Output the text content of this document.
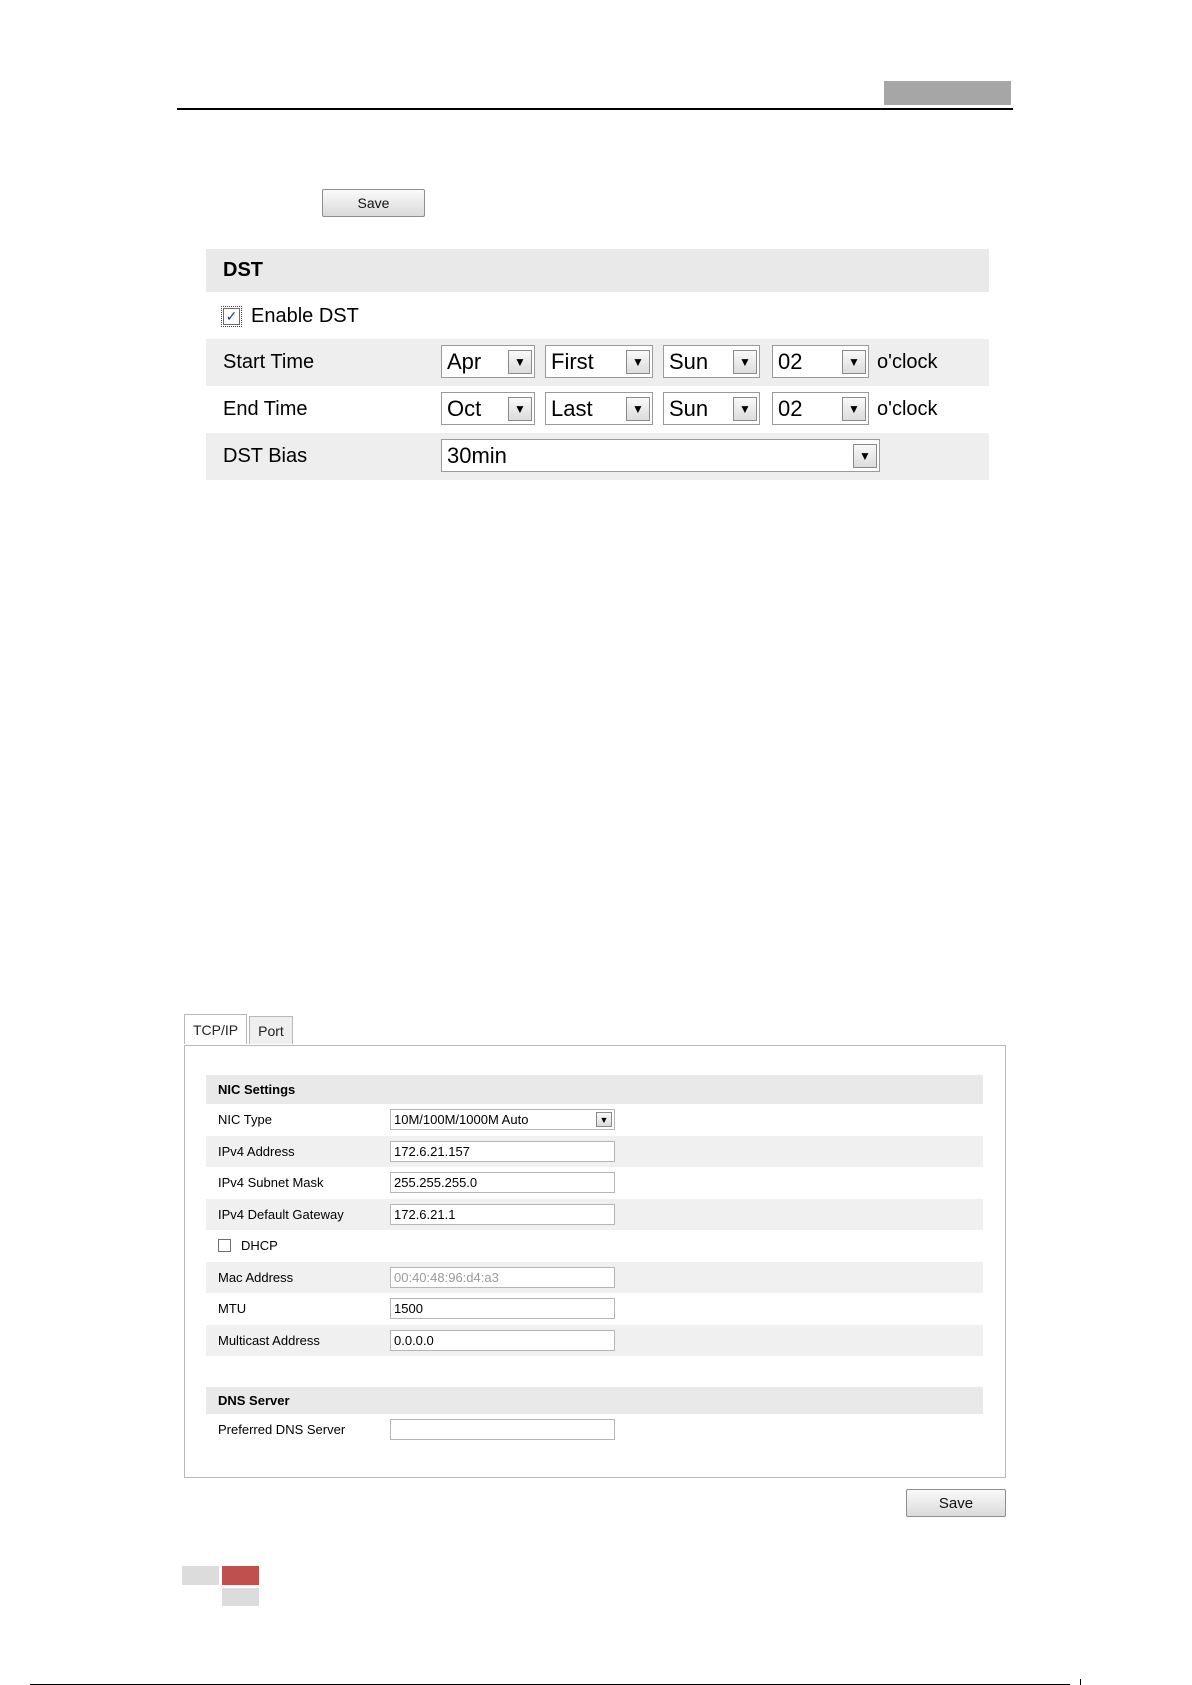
Save
DST
✓ Enable DST
Start Time	Apr	▼ First	▼ Sun	▼ 02	▼ o'clock
End Time	Oct	▼ Last	▼ Sun	▼ 02	▼ o'clock
DST Bias	30min	▼
TCP/IP	Port
NIC Settings
NIC Type	10M/100M/1000M Auto	▼
IPv4 Address	172.6.21.157
IPv4 Subnet Mask	255.255.255.0
IPv4 Default Gateway	172.6.21.1
DHCP
Mac Address	00:40:48:96:d4:a3
MTU	1500
Multicast Address	0.0.0.0
DNS Server
Preferred DNS Server
Save
